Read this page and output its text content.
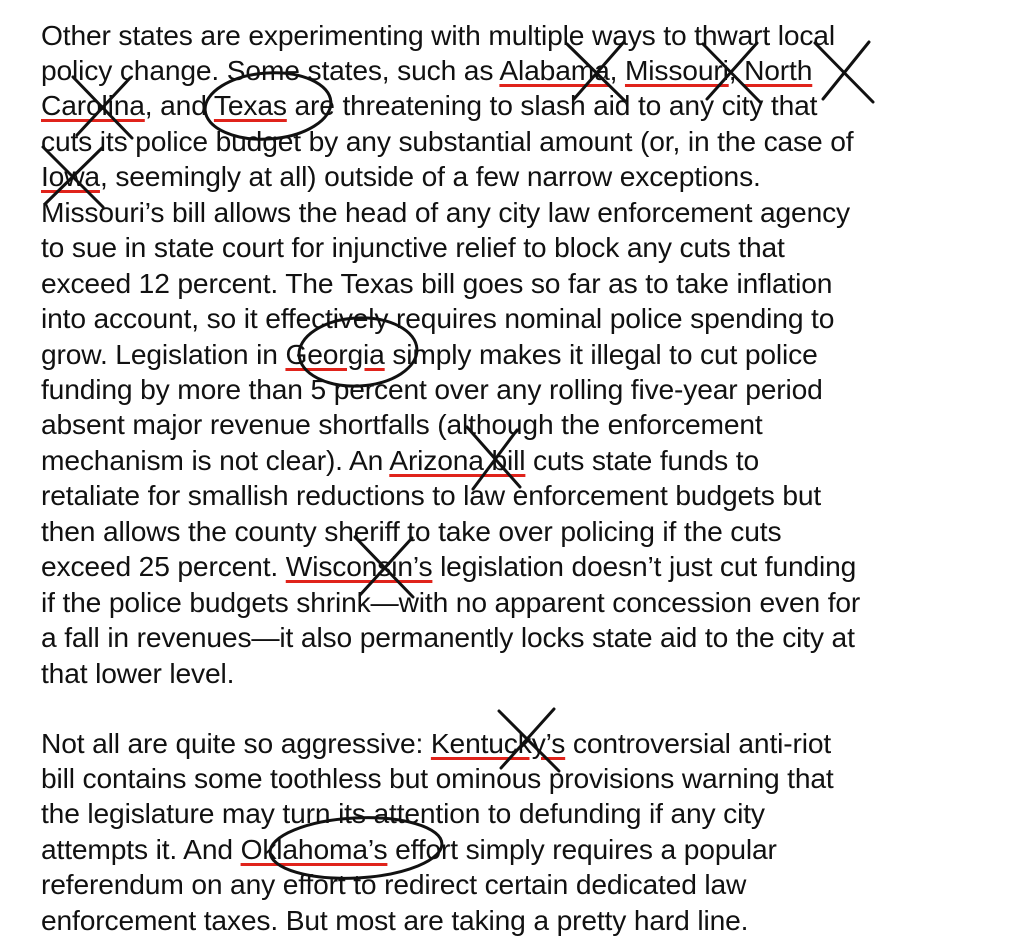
Other states are experimenting with multiple ways to thwart local
policy change. Some states, such as Alabama, Missouri, North
Carolina, and Texas are threatening to slash aid to any city that
cuts its police budget by any substantial amount (or, in the case of
Iowa, seemingly at all) outside of a few narrow exceptions.
Missouri’s bill allows the head of any city law enforcement agency
to sue in state court for injunctive relief to block any cuts that
exceed 12 percent. The Texas bill goes so far as to take inflation
into account, so it effectively requires nominal police spending to
grow. Legislation in Georgia simply makes it illegal to cut police
funding by more than 5 percent over any rolling five-year period
absent major revenue shortfalls (although the enforcement
mechanism is not clear). An Arizona bill cuts state funds to
retaliate for smallish reductions to law enforcement budgets but
then allows the county sheriff to take over policing if the cuts
exceed 25 percent. Wisconsin’s legislation doesn’t just cut funding
if the police budgets shrink—with no apparent concession even for
a fall in revenues—it also permanently locks state aid to the city at
that lower level.
Not all are quite so aggressive: Kentucky’s controversial anti-riot
bill contains some toothless but ominous provisions warning that
the legislature may turn its attention to defunding if any city
attempts it. And Oklahoma’s effort simply requires a popular
referendum on any effort to redirect certain dedicated law
enforcement taxes. But most are taking a pretty hard line.
